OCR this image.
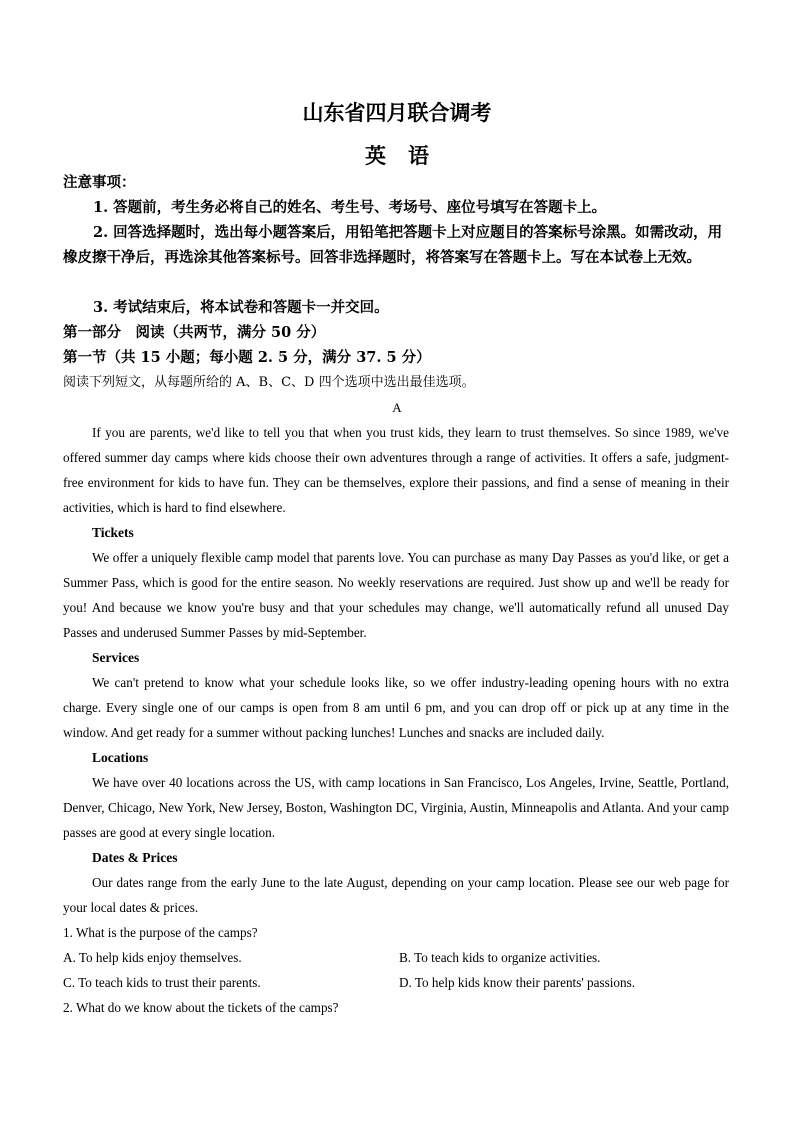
山东省四月联合调考
英语
注意事项：
1. 答题前，考生务必将自己的姓名、考生号、考场号、座位号填写在答题卡上。
2. 回答选择题时，选出每小题答案后，用铅笔把答题卡上对应题目的答案标号涂黑。如需改动，用橡皮擦干净后，再选涂其他答案标号。回答非选择题时，将答案写在答题卡上。写在本试卷上无效。
3. 考试结束后，将本试卷和答题卡一并交回。
第一部分　阅读（共两节，满分 50 分）
第一节（共 15 小题；每小题 2. 5 分，满分 37. 5 分）
阅读下列短文，从每题所给的 A、B、C、D 四个选项中选出最佳选项。
A
If you are parents, we'd like to tell you that when you trust kids, they learn to trust themselves. So since 1989, we've offered summer day camps where kids choose their own adventures through a range of activities. It offers a safe, judgment-free environment for kids to have fun. They can be themselves, explore their passions, and find a sense of meaning in their activities, which is hard to find elsewhere.
Tickets
We offer a uniquely flexible camp model that parents love. You can purchase as many Day Passes as you'd like, or get a Summer Pass, which is good for the entire season. No weekly reservations are required. Just show up and we'll be ready for you! And because we know you're busy and that your schedules may change, we'll automatically refund all unused Day Passes and underused Summer Passes by mid-September.
Services
We can't pretend to know what your schedule looks like, so we offer industry-leading opening hours with no extra charge. Every single one of our camps is open from 8 am until 6 pm, and you can drop off or pick up at any time in the window. And get ready for a summer without packing lunches! Lunches and snacks are included daily.
Locations
We have over 40 locations across the US, with camp locations in San Francisco, Los Angeles, Irvine, Seattle, Portland, Denver, Chicago, New York, New Jersey, Boston, Washington DC, Virginia, Austin, Minneapolis and Atlanta. And your camp passes are good at every single location.
Dates & Prices
Our dates range from the early June to the late August, depending on your camp location. Please see our web page for your local dates & prices.
1. What is the purpose of the camps?
A. To help kids enjoy themselves.	B. To teach kids to organize activities.
C. To teach kids to trust their parents.	D. To help kids know their parents' passions.
2. What do we know about the tickets of the camps?
